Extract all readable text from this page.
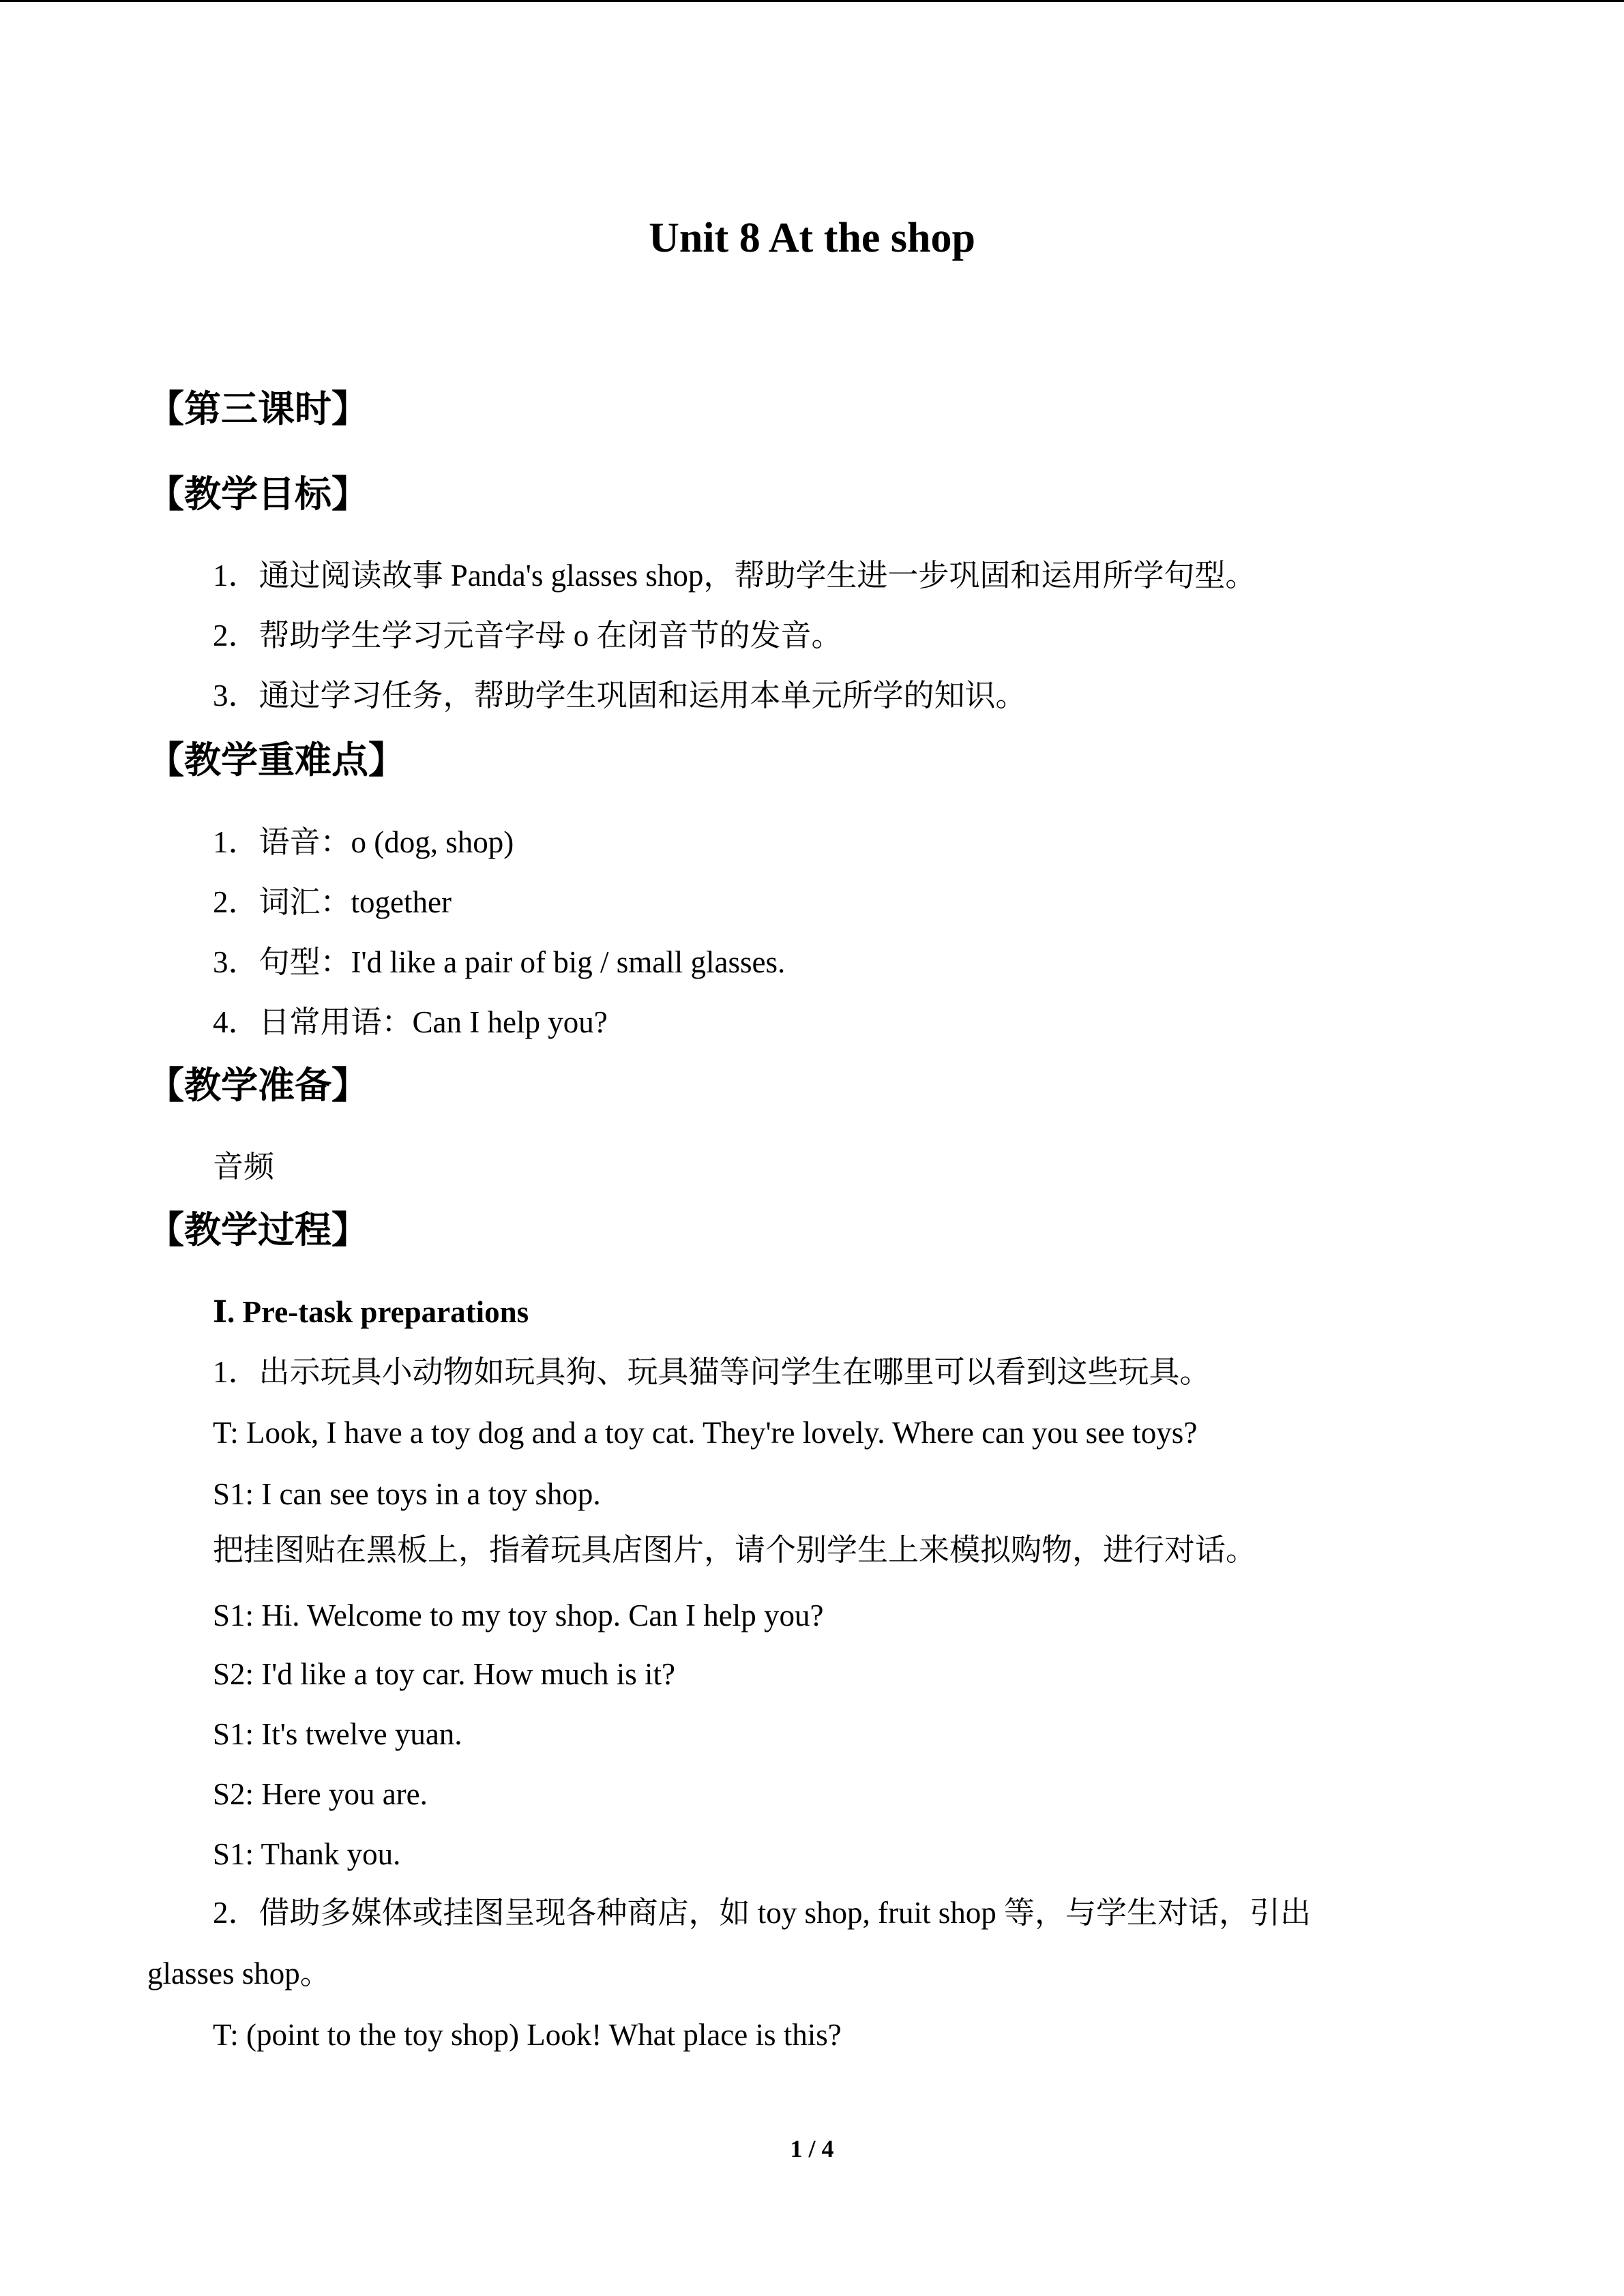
Unit 8 At the shop
【第三课时】
【教学目标】
1．通过阅读故事 Panda's glasses shop，帮助学生进一步巩固和运用所学句型。
2．帮助学生学习元音字母 o 在闭音节的发音。
3．通过学习任务，帮助学生巩固和运用本单元所学的知识。
【教学重难点】
1．语音：o (dog, shop)
2．词汇：together
3．句型：I'd like a pair of big / small glasses.
4．日常用语：Can I help you?
【教学准备】
音频
【教学过程】
Ⅰ. Pre-task preparations
1．出示玩具小动物如玩具狗、玩具猫等问学生在哪里可以看到这些玩具。
T: Look, I have a toy dog and a toy cat. They're lovely. Where can you see toys?
S1: I can see toys in a toy shop.
把挂图贴在黑板上，指着玩具店图片，请个别学生上来模拟购物，进行对话。
S1: Hi. Welcome to my toy shop. Can I help you?
S2: I'd like a toy car. How much is it?
S1: It's twelve yuan.
S2: Here you are.
S1: Thank you.
2．借助多媒体或挂图呈现各种商店，如 toy shop, fruit shop 等，与学生对话，引出
glasses shop。
T: (point to the toy shop) Look! What place is this?
1 / 4
